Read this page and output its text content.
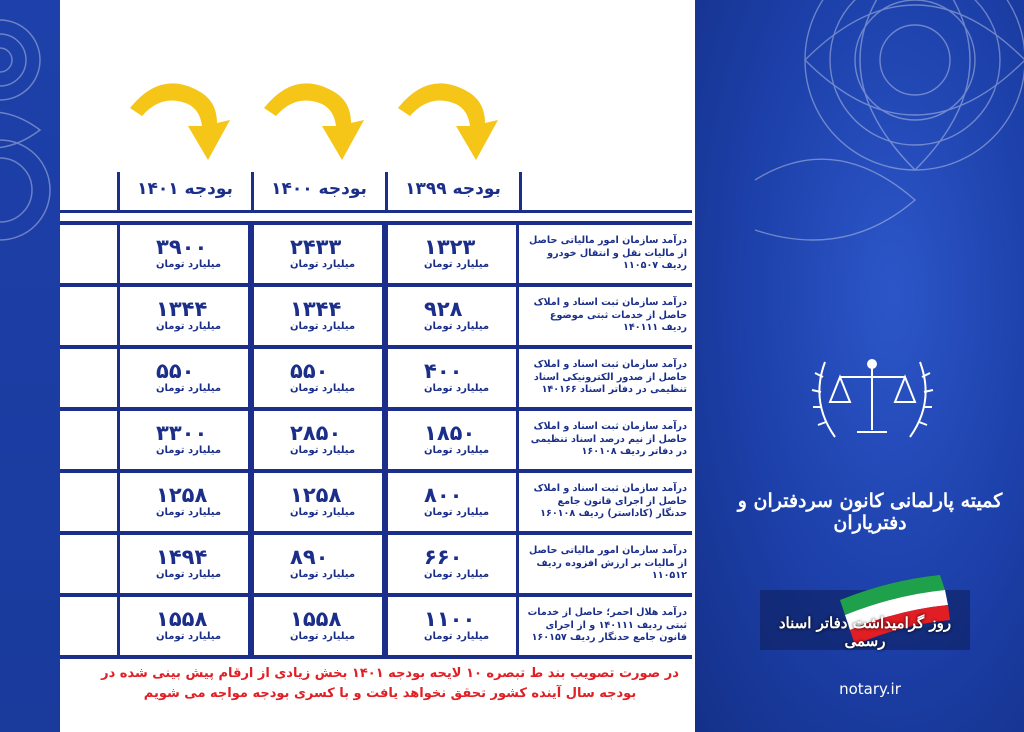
بودجه ۱۴۰۱	بودجه ۱۴۰۰	بودجه ۱۳۹۹
۳۹۰۰
میلیارد تومان
۲۴۳۳
میلیارد تومان
۱۳۲۳
میلیارد تومان
درآمد سازمان امور مالیاتی حاصل از مالیات نقل و انتقال خودرو ردیف ۱۱۰۵۰۷
۱۳۴۴
میلیارد تومان
۱۳۴۴
میلیارد تومان
۹۲۸
میلیارد تومان
درآمد سازمان ثبت اسناد و املاک حاصل از خدمات ثبتی موضوع ردیف ۱۴۰۱۱۱
۵۵۰
میلیارد تومان
۵۵۰
میلیارد تومان
۴۰۰
میلیارد تومان
درآمد سازمان ثبت اسناد و املاک حاصل از صدور الکترونیکی اسناد تنظیمی در دفاتر اسناد ۱۴۰۱۶۶
۳۳۰۰
میلیارد تومان
۲۸۵۰
میلیارد تومان
۱۸۵۰
میلیارد تومان
درآمد سازمان ثبت اسناد و املاک حاصل از نیم درصد اسناد تنظیمی در دفاتر ردیف ۱۶۰۱۰۸
۱۲۵۸
میلیارد تومان
۱۲۵۸
میلیارد تومان
۸۰۰
میلیارد تومان
درآمد سازمان ثبت اسناد و املاک حاصل از اجرای قانون جامع حدنگار (کاداستر) ردیف ۱۶۰۱۰۸
۱۴۹۴
میلیارد تومان
۸۹۰
میلیارد تومان
۶۶۰
میلیارد تومان
درآمد سازمان امور مالیاتی حاصل از مالیات بر ارزش افزوده ردیف ۱۱۰۵۱۲
۱۵۵۸
میلیارد تومان
۱۵۵۸
میلیارد تومان
۱۱۰۰
میلیارد تومان
درآمد هلال احمر؛ حاصل از خدمات ثبتی ردیف ۱۴۰۱۱۱ و از اجرای قانون جامع حدنگار ردیف ۱۶۰۱۵۷
در صورت تصویب بند ط تبصره ۱۰ لایحه بودجه ۱۴۰۱ بخش زیادی از ارقام پیش بینی شده در
بودجه سال آینده کشور تحقق نخواهد یافت و با کسری بودجه مواجه می شویم
کمیته پارلمانی کانون سردفتران و دفتریاران
روز گرامیداشت دفاتر اسناد رسمی
notary.ir
